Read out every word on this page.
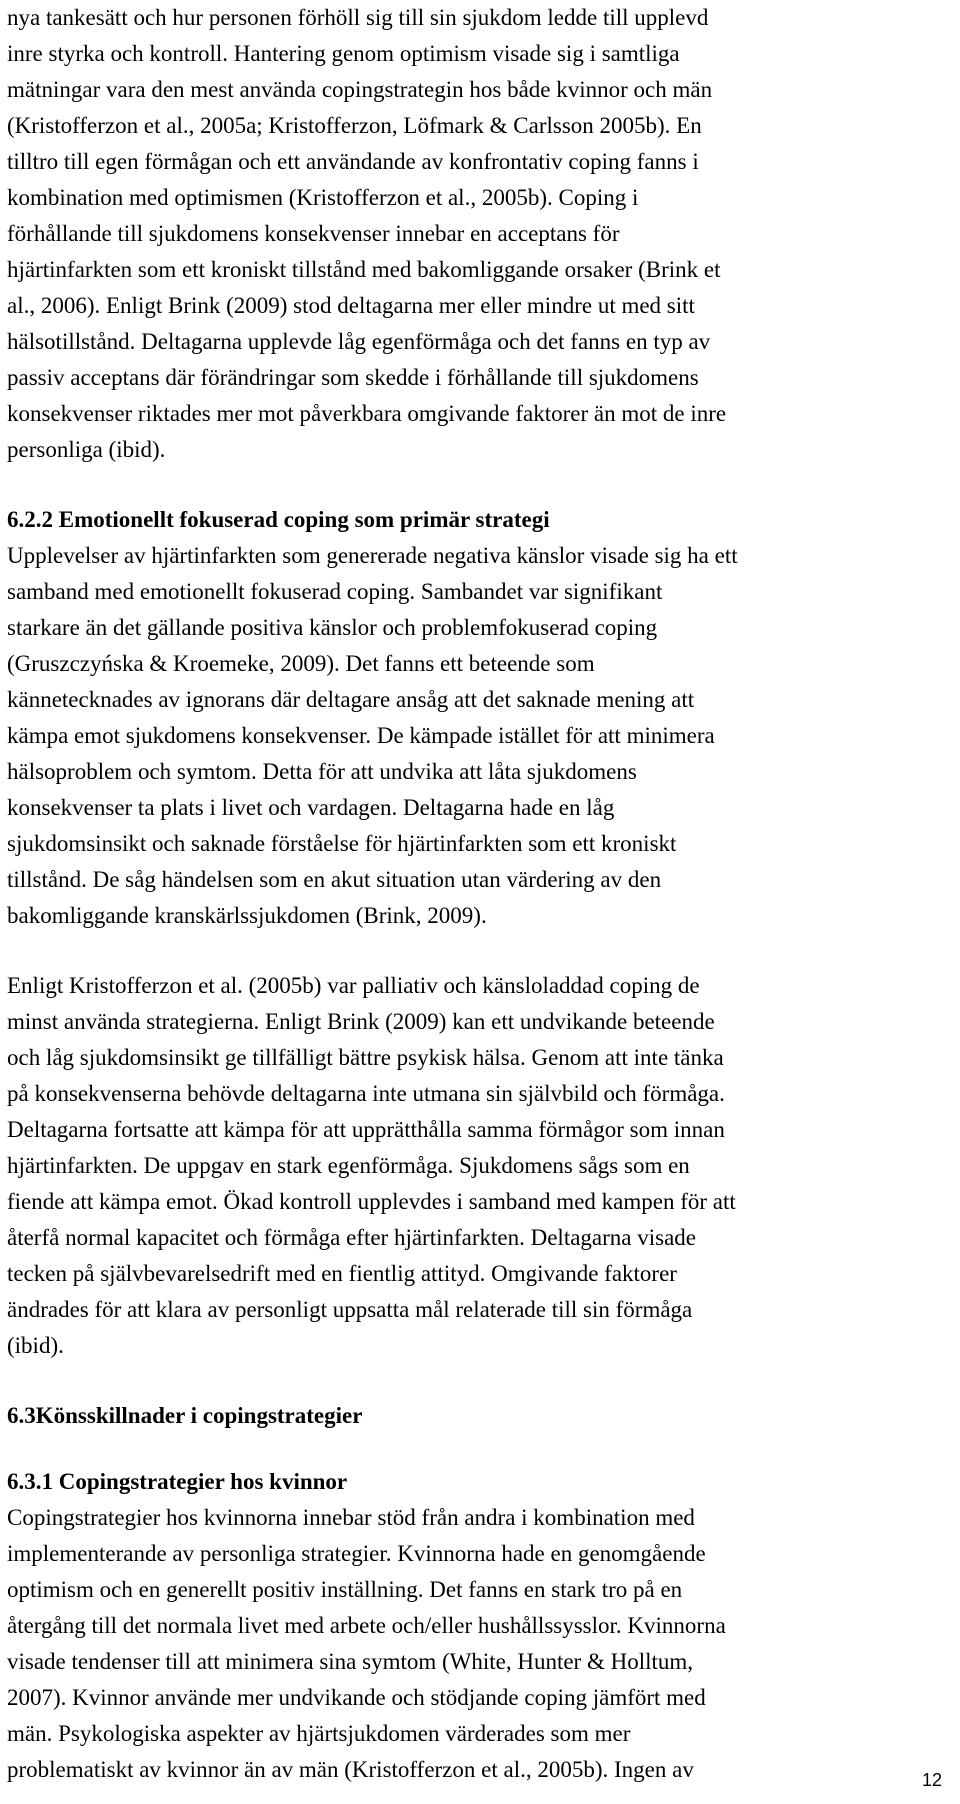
nya tankesätt och hur personen förhöll sig till sin sjukdom ledde till upplevd
inre styrka och kontroll. Hantering genom optimism visade sig i samtliga
mätningar vara den mest använda copingstrategin hos både kvinnor och män
(Kristofferzon et al., 2005a; Kristofferzon, Löfmark & Carlsson 2005b). En
tilltro till egen förmågan och ett användande av konfrontativ coping fanns i
kombination med optimismen (Kristofferzon et al., 2005b). Coping i
förhållande till sjukdomens konsekvenser innebar en acceptans för
hjärtinfarkten som ett kroniskt tillstånd med bakomliggande orsaker (Brink et
al., 2006). Enligt Brink (2009) stod deltagarna mer eller mindre ut med sitt
hälsotillstånd. Deltagarna upplevde låg egenförmåga och det fanns en typ av
passiv acceptans där förändringar som skedde i förhållande till sjukdomens
konsekvenser riktades mer mot påverkbara omgivande faktorer än mot de inre
personliga (ibid).
6.2.2 Emotionellt fokuserad coping som primär strategi
Upplevelser av hjärtinfarkten som genererade negativa känslor visade sig ha ett
samband med emotionellt fokuserad coping. Sambandet var signifikant
starkare än det gällande positiva känslor och problemfokuserad coping
(Gruszczyńska & Kroemeke, 2009). Det fanns ett beteende som
kännetecknades av ignorans där deltagare ansåg att det saknade mening att
kämpa emot sjukdomens konsekvenser. De kämpade istället för att minimera
hälsoproblem och symtom. Detta för att undvika att låta sjukdomens
konsekvenser ta plats i livet och vardagen. Deltagarna hade en låg
sjukdomsinsikt och saknade förståelse för hjärtinfarkten som ett kroniskt
tillstånd. De såg händelsen som en akut situation utan värdering av den
bakomliggande kranskärlssjukdomen (Brink, 2009).
Enligt Kristofferzon et al. (2005b) var palliativ och känsloladdad coping de
minst använda strategierna. Enligt Brink (2009) kan ett undvikande beteende
och låg sjukdomsinsikt ge tillfälligt bättre psykisk hälsa. Genom att inte tänka
på konsekvenserna behövde deltagarna inte utmana sin självbild och förmåga.
Deltagarna fortsatte att kämpa för att upprätthålla samma förmågor som innan
hjärtinfarkten. De uppgav en stark egenförmåga. Sjukdomens sågs som en
fiende att kämpa emot. Ökad kontroll upplevdes i samband med kampen för att
återfå normal kapacitet och förmåga efter hjärtinfarkten. Deltagarna visade
tecken på självbevarelsedrift med en fientlig attityd. Omgivande faktorer
ändrades för att klara av personligt uppsatta mål relaterade till sin förmåga
(ibid).
6.3Könsskillnader i copingstrategier
6.3.1 Copingstrategier hos kvinnor
Copingstrategier hos kvinnorna innebar stöd från andra i kombination med
implementerande av personliga strategier. Kvinnorna hade en genomgående
optimism och en generellt positiv inställning. Det fanns en stark tro på en
återgång till det normala livet med arbete och/eller hushållssysslor. Kvinnorna
visade tendenser till att minimera sina symtom (White, Hunter & Holltum,
2007). Kvinnor använde mer undvikande och stödjande coping jämfört med
män. Psykologiska aspekter av hjärtsjukdomen värderades som mer
problematiskt av kvinnor än av män (Kristofferzon et al., 2005b). Ingen av	12
